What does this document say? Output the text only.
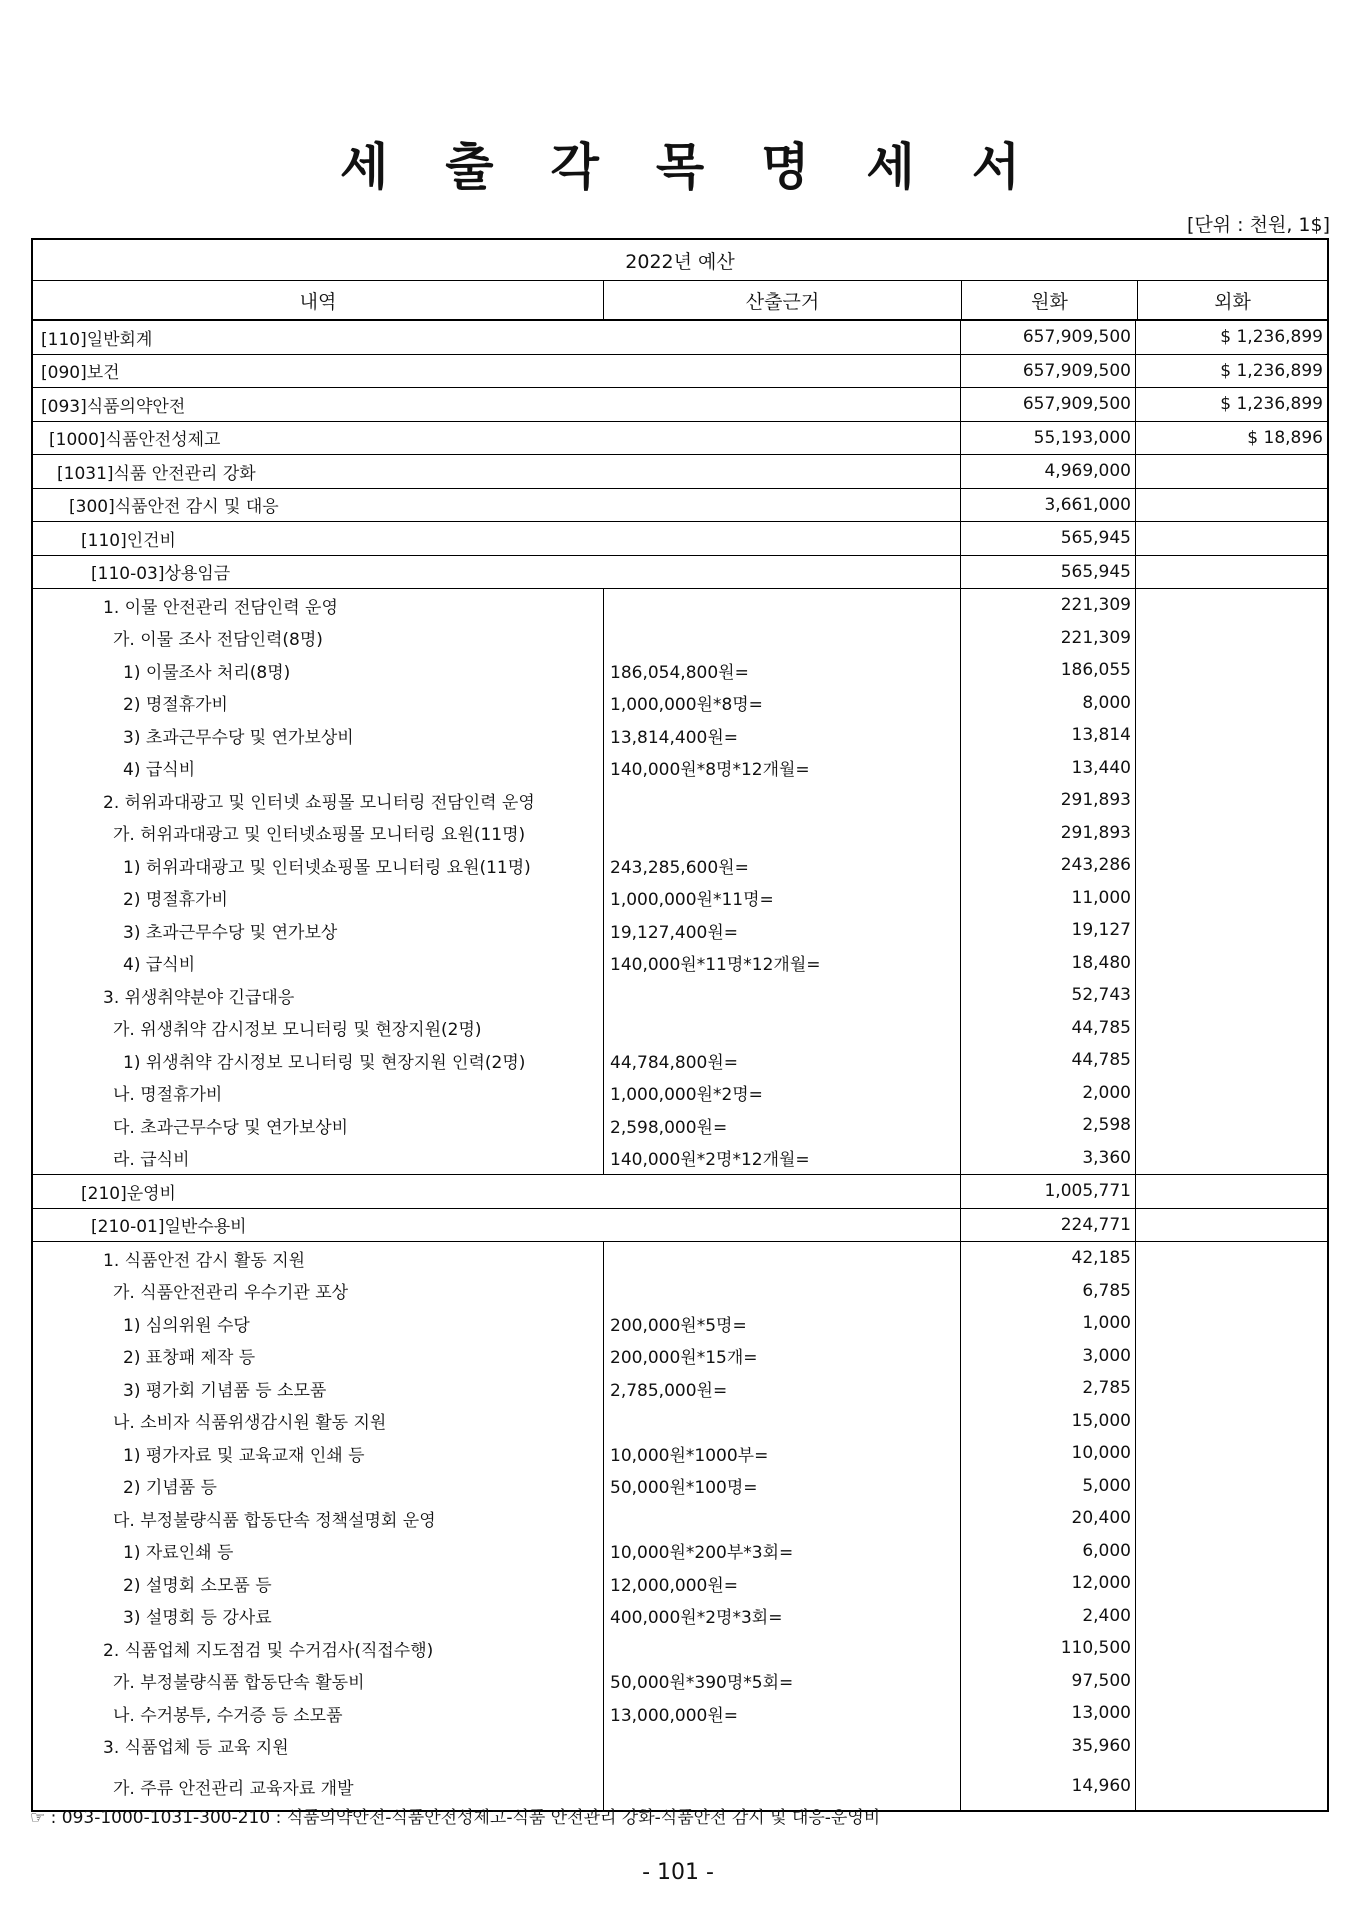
세 출 각 목 명 세 서
[단위 : 천원, 1$]
2022년 예산
내역	산출근거	원화	외화
[110]일반회계	657,909,500	$ 1,236,899
[090]보건	657,909,500	$ 1,236,899
[093]식품의약안전	657,909,500	$ 1,236,899
[1000]식품안전성제고	55,193,000	$ 18,896
[1031]식품 안전관리 강화	4,969,000
[300]식품안전 감시 및 대응	3,661,000
[110]인건비	565,945
[110-03]상용임금	565,945
1. 이물 안전관리 전담인력 운영	221,309
가. 이물 조사 전담인력(8명)	221,309
1) 이물조사 처리(8명)	186,054,800원=	186,055
2) 명절휴가비	1,000,000원*8명=	8,000
3) 초과근무수당 및 연가보상비	13,814,400원=	13,814
4) 급식비	140,000원*8명*12개월=	13,440
2. 허위과대광고 및 인터넷 쇼핑몰 모니터링 전담인력 운영	291,893
가. 허위과대광고 및 인터넷쇼핑몰 모니터링 요원(11명)	291,893
1) 허위과대광고 및 인터넷쇼핑몰 모니터링 요원(11명)	243,285,600원=	243,286
2) 명절휴가비	1,000,000원*11명=	11,000
3) 초과근무수당 및 연가보상	19,127,400원=	19,127
4) 급식비	140,000원*11명*12개월=	18,480
3. 위생취약분야 긴급대응	52,743
가. 위생취약 감시정보 모니터링 및 현장지원(2명)	44,785
1) 위생취약 감시정보 모니터링 및 현장지원 인력(2명)	44,784,800원=	44,785
나. 명절휴가비	1,000,000원*2명=	2,000
다. 초과근무수당 및 연가보상비	2,598,000원=	2,598
라. 급식비	140,000원*2명*12개월=	3,360
[210]운영비	1,005,771
[210-01]일반수용비	224,771
1. 식품안전 감시 활동 지원	42,185
가. 식품안전관리 우수기관 포상	6,785
1) 심의위원 수당	200,000원*5명=	1,000
2) 표창패 제작 등	200,000원*15개=	3,000
3) 평가회 기념품 등 소모품	2,785,000원=	2,785
나. 소비자 식품위생감시원 활동 지원	15,000
1) 평가자료 및 교육교재 인쇄 등	10,000원*1000부=	10,000
2) 기념품 등	50,000원*100명=	5,000
다. 부정불량식품 합동단속 정책설명회 운영	20,400
1) 자료인쇄 등	10,000원*200부*3회=	6,000
2) 설명회 소모품 등	12,000,000원=	12,000
3) 설명회 등 강사료	400,000원*2명*3회=	2,400
2. 식품업체 지도점검 및 수거검사(직접수행)	110,500
가. 부정불량식품 합동단속 활동비	50,000원*390명*5회=	97,500
나. 수거봉투, 수거증 등 소모품	13,000,000원=	13,000
3. 식품업체 등 교육 지원	35,960
가. 주류 안전관리 교육자료 개발	14,960
☞ : 093-1000-1031-300-210 : 식품의약안전-식품안전성제고-식품 안전관리 강화-식품안전 감시 및 대응-운영비
- 101 -
